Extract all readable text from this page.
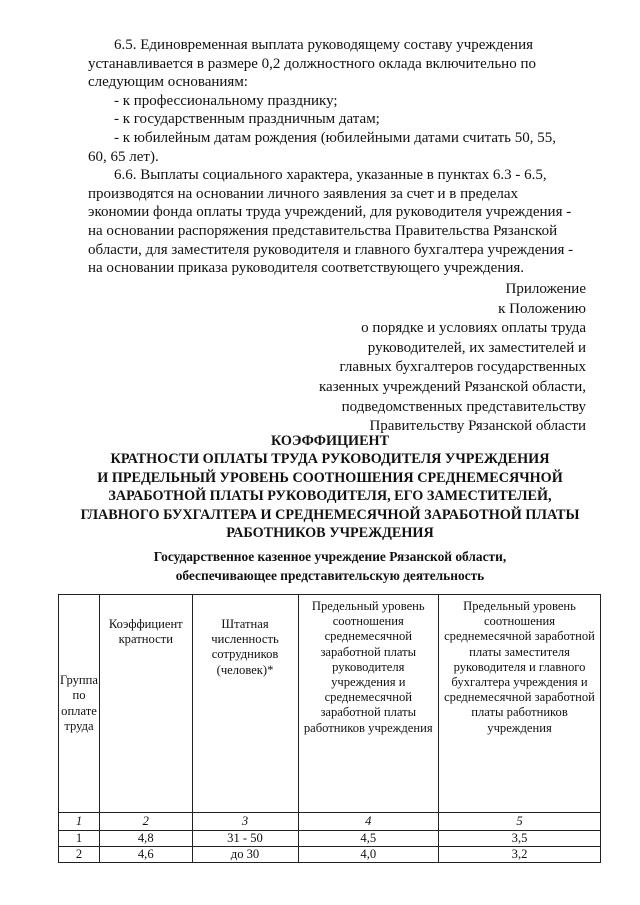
6.5. Единовременная выплата руководящему составу учреждения
устанавливается в размере 0,2 должностного оклада включительно по
следующим основаниям:
- к профессиональному празднику;
- к государственным праздничным датам;
- к юбилейным датам рождения (юбилейными датами считать 50, 55,
60, 65 лет).
6.6. Выплаты социального характера, указанные в пунктах 6.3 - 6.5,
производятся на основании личного заявления за счет и в пределах
экономии фонда оплаты труда учреждений, для руководителя учреждения -
на основании распоряжения представительства Правительства Рязанской
области, для заместителя руководителя и главного бухгалтера учреждения -
на основании приказа руководителя соответствующего учреждения.
Приложение
к Положению
о порядке и условиях оплаты труда
руководителей, их заместителей и
главных бухгалтеров государственных
казенных учреждений Рязанской области,
подведомственных представительству
Правительству Рязанской области
КОЭФФИЦИЕНТ
КРАТНОСТИ ОПЛАТЫ ТРУДА РУКОВОДИТЕЛЯ УЧРЕЖДЕНИЯ
И ПРЕДЕЛЬНЫЙ УРОВЕНЬ СООТНОШЕНИЯ СРЕДНЕМЕСЯЧНОЙ
ЗАРАБОТНОЙ ПЛАТЫ РУКОВОДИТЕЛЯ, ЕГО ЗАМЕСТИТЕЛЕЙ,
ГЛАВНОГО БУХГАЛТЕРА И СРЕДНЕМЕСЯЧНОЙ ЗАРАБОТНОЙ ПЛАТЫ
РАБОТНИКОВ УЧРЕЖДЕНИЯ
Государственное казенное учреждение Рязанской области,
обеспечивающее представительскую деятельность
Группа по оплате труда	Коэффициент кратности	Штатная численность сотрудников (человек)*	Предельный уровень соотношения среднемесячной заработной платы руководителя учреждения и среднемесячной заработной платы работников учреждения	Предельный уровень соотношения среднемесячной заработной платы заместителя руководителя и главного бухгалтера учреждения и среднемесячной заработной платы работников учреждения
1	2	3	4	5
1	4,8	31 - 50	4,5	3,5
2	4,6	до 30	4,0	3,2
